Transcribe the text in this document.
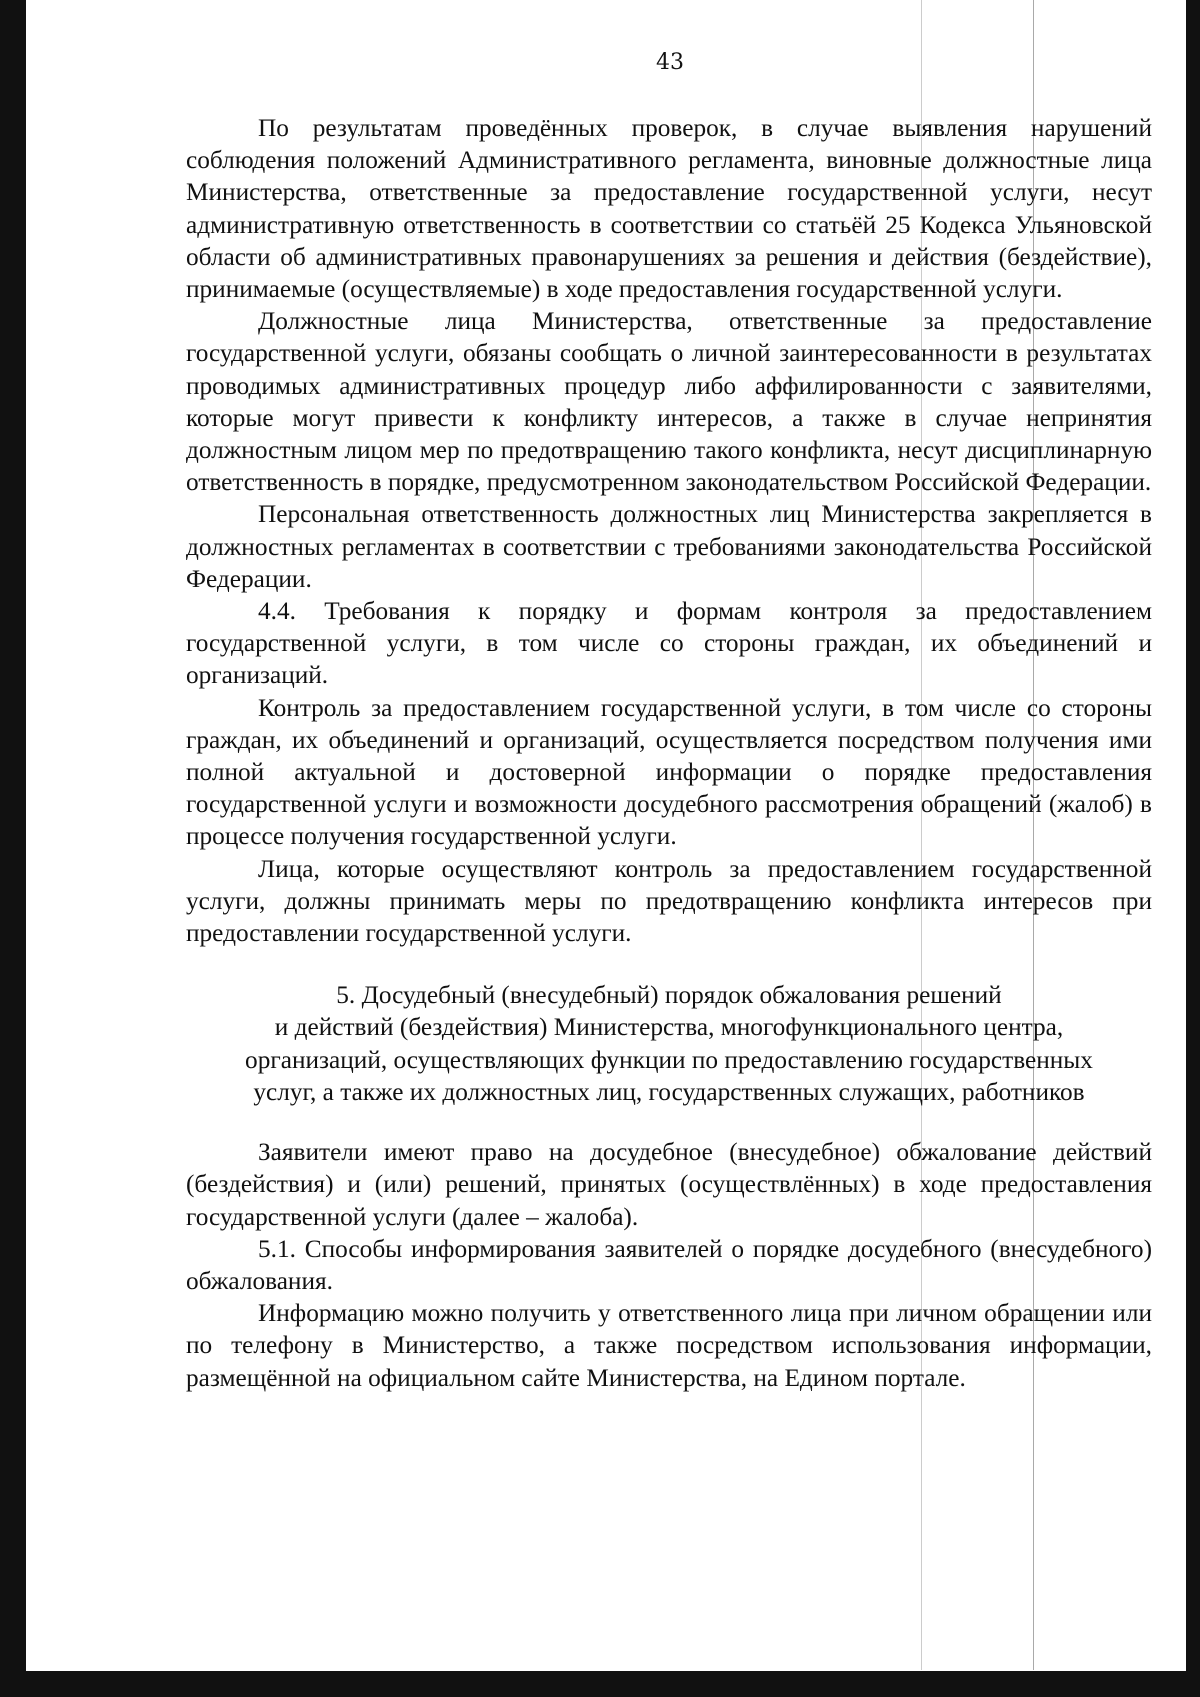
43

По результатам проведённых проверок, в случае выявления нарушений соблюдения положений Административного регламента, виновные должностные лица Министерства, ответственные за предоставление государственной услуги, несут административную ответственность в соответствии со статьёй 25 Кодекса Ульяновской области об административных правонарушениях за решения и действия (бездействие), принимаемые (осуществляемые) в ходе предоставления государственной услуги.

Должностные лица Министерства, ответственные за предоставление государственной услуги, обязаны сообщать о личной заинтересованности в результатах проводимых административных процедур либо аффилированности с заявителями, которые могут привести к конфликту интересов, а также в случае непринятия должностным лицом мер по предотвращению такого конфликта, несут дисциплинарную ответственность в порядке, предусмотренном законодательством Российской Федерации.

Персональная ответственность должностных лиц Министерства закрепляется в должностных регламентах в соответствии с требованиями законодательства Российской Федерации.

4.4. Требования к порядку и формам контроля за предоставлением государственной услуги, в том числе со стороны граждан, их объединений и организаций.

Контроль за предоставлением государственной услуги, в том числе со стороны граждан, их объединений и организаций, осуществляется посредством получения ими полной актуальной и достоверной информации о порядке предоставления государственной услуги и возможности досудебного рассмотрения обращений (жалоб) в процессе получения государственной услуги.

Лица, которые осуществляют контроль за предоставлением государственной услуги, должны принимать меры по предотвращению конфликта интересов при предоставлении государственной услуги.

5. Досудебный (внесудебный) порядок обжалования решений
и действий (бездействия) Министерства, многофункционального центра,
организаций, осуществляющих функции по предоставлению государственных
услуг, а также их должностных лиц, государственных служащих, работников

Заявители имеют право на досудебное (внесудебное) обжалование действий (бездействия) и (или) решений, принятых (осуществлённых) в ходе предоставления государственной услуги (далее – жалоба).

5.1. Способы информирования заявителей о порядке досудебного (внесудебного) обжалования.

Информацию можно получить у ответственного лица при личном обращении или по телефону в Министерство, а также посредством использования информации, размещённой на официальном сайте Министерства, на Едином портале.
